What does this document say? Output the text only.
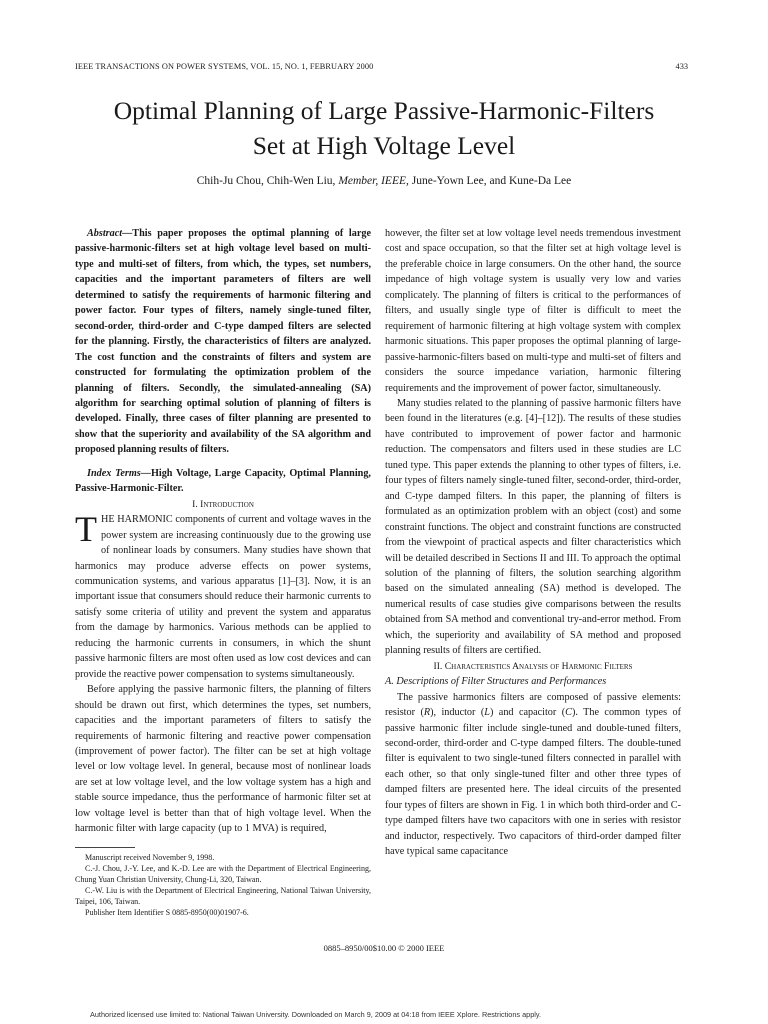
IEEE TRANSACTIONS ON POWER SYSTEMS, VOL. 15, NO. 1, FEBRUARY 2000	433
Optimal Planning of Large Passive-Harmonic-Filters
Set at High Voltage Level
Chih-Ju Chou, Chih-Wen Liu, Member, IEEE, June-Yown Lee, and Kune-Da Lee

Abstract—This paper proposes the optimal planning of large passive-harmonic-filters set at high voltage level based on multi-type and multi-set of filters, from which, the types, set numbers, capacities and the important parameters of filters are well determined to satisfy the requirements of harmonic filtering and power factor. Four types of filters, namely single-tuned filter, second-order, third-order and C-type damped filters are selected for the planning. Firstly, the characteristics of filters are analyzed. The cost function and the constraints of filters and system are constructed for formulating the optimization problem of the planning of filters. Secondly, the simulated-annealing (SA) algorithm for searching optimal solution of planning of filters is developed. Finally, three cases of filter planning are presented to show that the superiority and availability of the SA algorithm and proposed planning results of filters.

Index Terms—High Voltage, Large Capacity, Optimal Planning, Passive-Harmonic-Filter.

I. Introduction

THE HARMONIC components of current and voltage waves in the power system are increasing continuously due to the growing use of nonlinear loads by consumers. Many studies have shown that harmonics may produce adverse effects on power systems, communication systems, and various apparatus [1]–[3]. Now, it is an important issue that consumers should reduce their harmonic currents to satisfy some criteria of utility and prevent the system and apparatus from the damage by harmonics. Various methods can be applied to reducing the harmonic currents in consumers, in which the shunt passive harmonic filters are most often used as low cost devices and can provide the reactive power compensation to systems simultaneously.

Before applying the passive harmonic filters, the planning of filters should be drawn out first, which determines the types, set numbers, capacities and the important parameters of filters to satisfy the requirements of harmonic filtering and reactive power compensation (improvement of power factor). The filter can be set at high voltage level or low voltage level. In general, because most of nonlinear loads are set at low voltage level, and the low voltage system has a high and stable source impedance, thus the performance of harmonic filter set at low voltage level is better than that of high voltage level. When the harmonic filter with large capacity (up to 1 MVA) is required,

Manuscript received November 9, 1998.

C.-J. Chou, J.-Y. Lee, and K.-D. Lee are with the Department of Electrical Engineering, Chung Yuan Christian University, Chung-Li, 320, Taiwan.

C.-W. Liu is with the Department of Electrical Engineering, National Taiwan University, Taipei, 106, Taiwan.

Publisher Item Identifier S 0885-8950(00)01907-6.

however, the filter set at low voltage level needs tremendous investment cost and space occupation, so that the filter set at high voltage level is the preferable choice in large consumers. On the other hand, the source impedance of high voltage system is usually very low and varies complicately. The planning of filters is critical to the performances of filters, and usually single type of filter is difficult to meet the requirement of harmonic filtering at high voltage system with complex harmonic situations. This paper proposes the optimal planning of large-passive-harmonic-filters based on multi-type and multi-set of filters and considers the source impedance variation, harmonic filtering requirements and the improvement of power factor, simultaneously.

Many studies related to the planning of passive harmonic filters have been found in the literatures (e.g. [4]–[12]). The results of these studies have contributed to improvement of power factor and harmonic reduction. The compensators and filters used in these studies are LC tuned type. This paper extends the planning to other types of filters, i.e. four types of filters namely single-tuned filter, second-order, third-order, and C-type damped filters. In this paper, the planning of filters is formulated as an optimization problem with an object (cost) and some constraint functions. The object and constraint functions are constructed from the viewpoint of practical aspects and filter characteristics which will be detailed described in Sections II and III. To approach the optimal solution of the planning of filters, the solution searching algorithm based on the simulated annealing (SA) method is developed. The numerical results of case studies give comparisons between the results obtained from SA method and conventional try-and-error method. From which, the superiority and availability of SA method and proposed planning results of filters are certified.

II. Characteristics Analysis of Harmonic Filters

A. Descriptions of Filter Structures and Performances

The passive harmonics filters are composed of passive elements: resistor (R), inductor (L) and capacitor (C). The common types of passive harmonic filter include single-tuned and double-tuned filters, second-order, third-order and C-type damped filters. The double-tuned filter is equivalent to two single-tuned filters connected in parallel with each other, so that only single-tuned filter and other three types of damped filters are presented here. The ideal circuits of the presented four types of filters are shown in Fig. 1 in which both third-order and C-type damped filters have two capacitors with one in series with resistor and inductor, respectively. Two capacitors of third-order damped filter have typical same capacitance

0885–8950/00$10.00 © 2000 IEEE
Authorized licensed use limited to: National Taiwan University. Downloaded on March 9, 2009 at 04:18 from IEEE Xplore. Restrictions apply.
